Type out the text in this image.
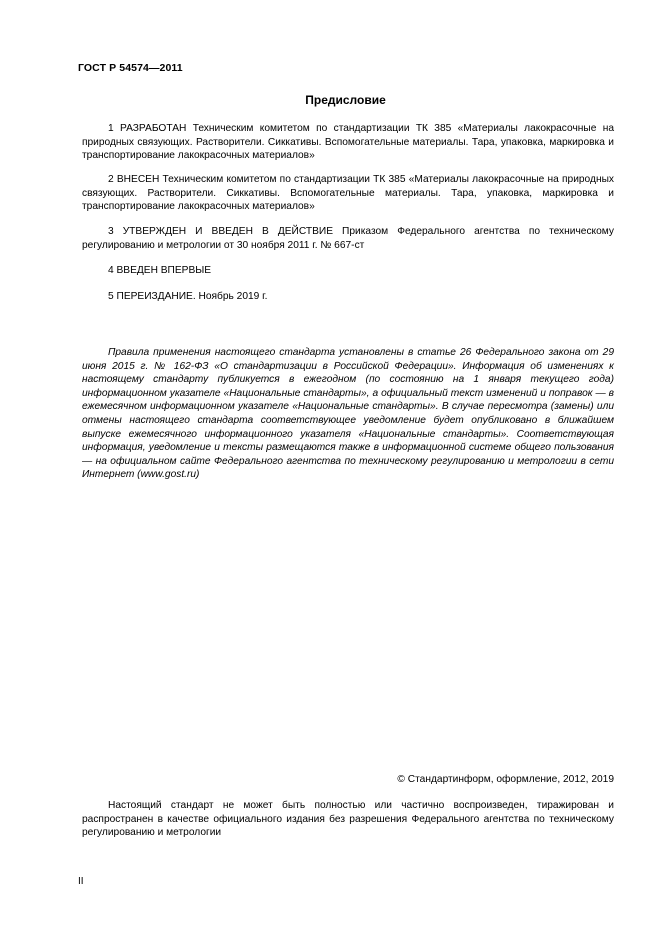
ГОСТ Р 54574—2011
Предисловие

1 РАЗРАБОТАН Техническим комитетом по стандартизации ТК 385 «Материалы лакокрасочные на природных связующих. Растворители. Сиккативы. Вспомогательные материалы. Тара, упаковка, маркировка и транспортирование лакокрасочных материалов»

2 ВНЕСЕН Техническим комитетом по стандартизации ТК 385 «Материалы лакокрасочные на природных связующих. Растворители. Сиккативы. Вспомогательные материалы. Тара, упаковка, маркировка и транспортирование лакокрасочных материалов»

3 УТВЕРЖДЕН И ВВЕДЕН В ДЕЙСТВИЕ Приказом Федерального агентства по техническому регулированию и метрологии от 30 ноября 2011 г. № 667-ст

4 ВВЕДЕН ВПЕРВЫЕ

5 ПЕРЕИЗДАНИЕ. Ноябрь 2019 г.

Правила применения настоящего стандарта установлены в статье 26 Федерального закона от 29 июня 2015 г. № 162-ФЗ «О стандартизации в Российской Федерации». Информация об изменениях к настоящему стандарту публикуется в ежегодном (по состоянию на 1 января текущего года) информационном указателе «Национальные стандарты», а официальный текст изменений и поправок — в ежемесячном информационном указателе «Национальные стандарты». В случае пересмотра (замены) или отмены настоящего стандарта соответствующее уведомление будет опубликовано в ближайшем выпуске ежемесячного информационного указателя «Национальные стандарты». Соответствующая информация, уведомление и тексты размещаются также в информационной системе общего пользования — на официальном сайте Федерального агентства по техническому регулированию и метрологии в сети Интернет (www.gost.ru)

© Стандартинформ, оформление, 2012, 2019

Настоящий стандарт не может быть полностью или частично воспроизведен, тиражирован и распространен в качестве официального издания без разрешения Федерального агентства по техническому регулированию и метрологии

II
